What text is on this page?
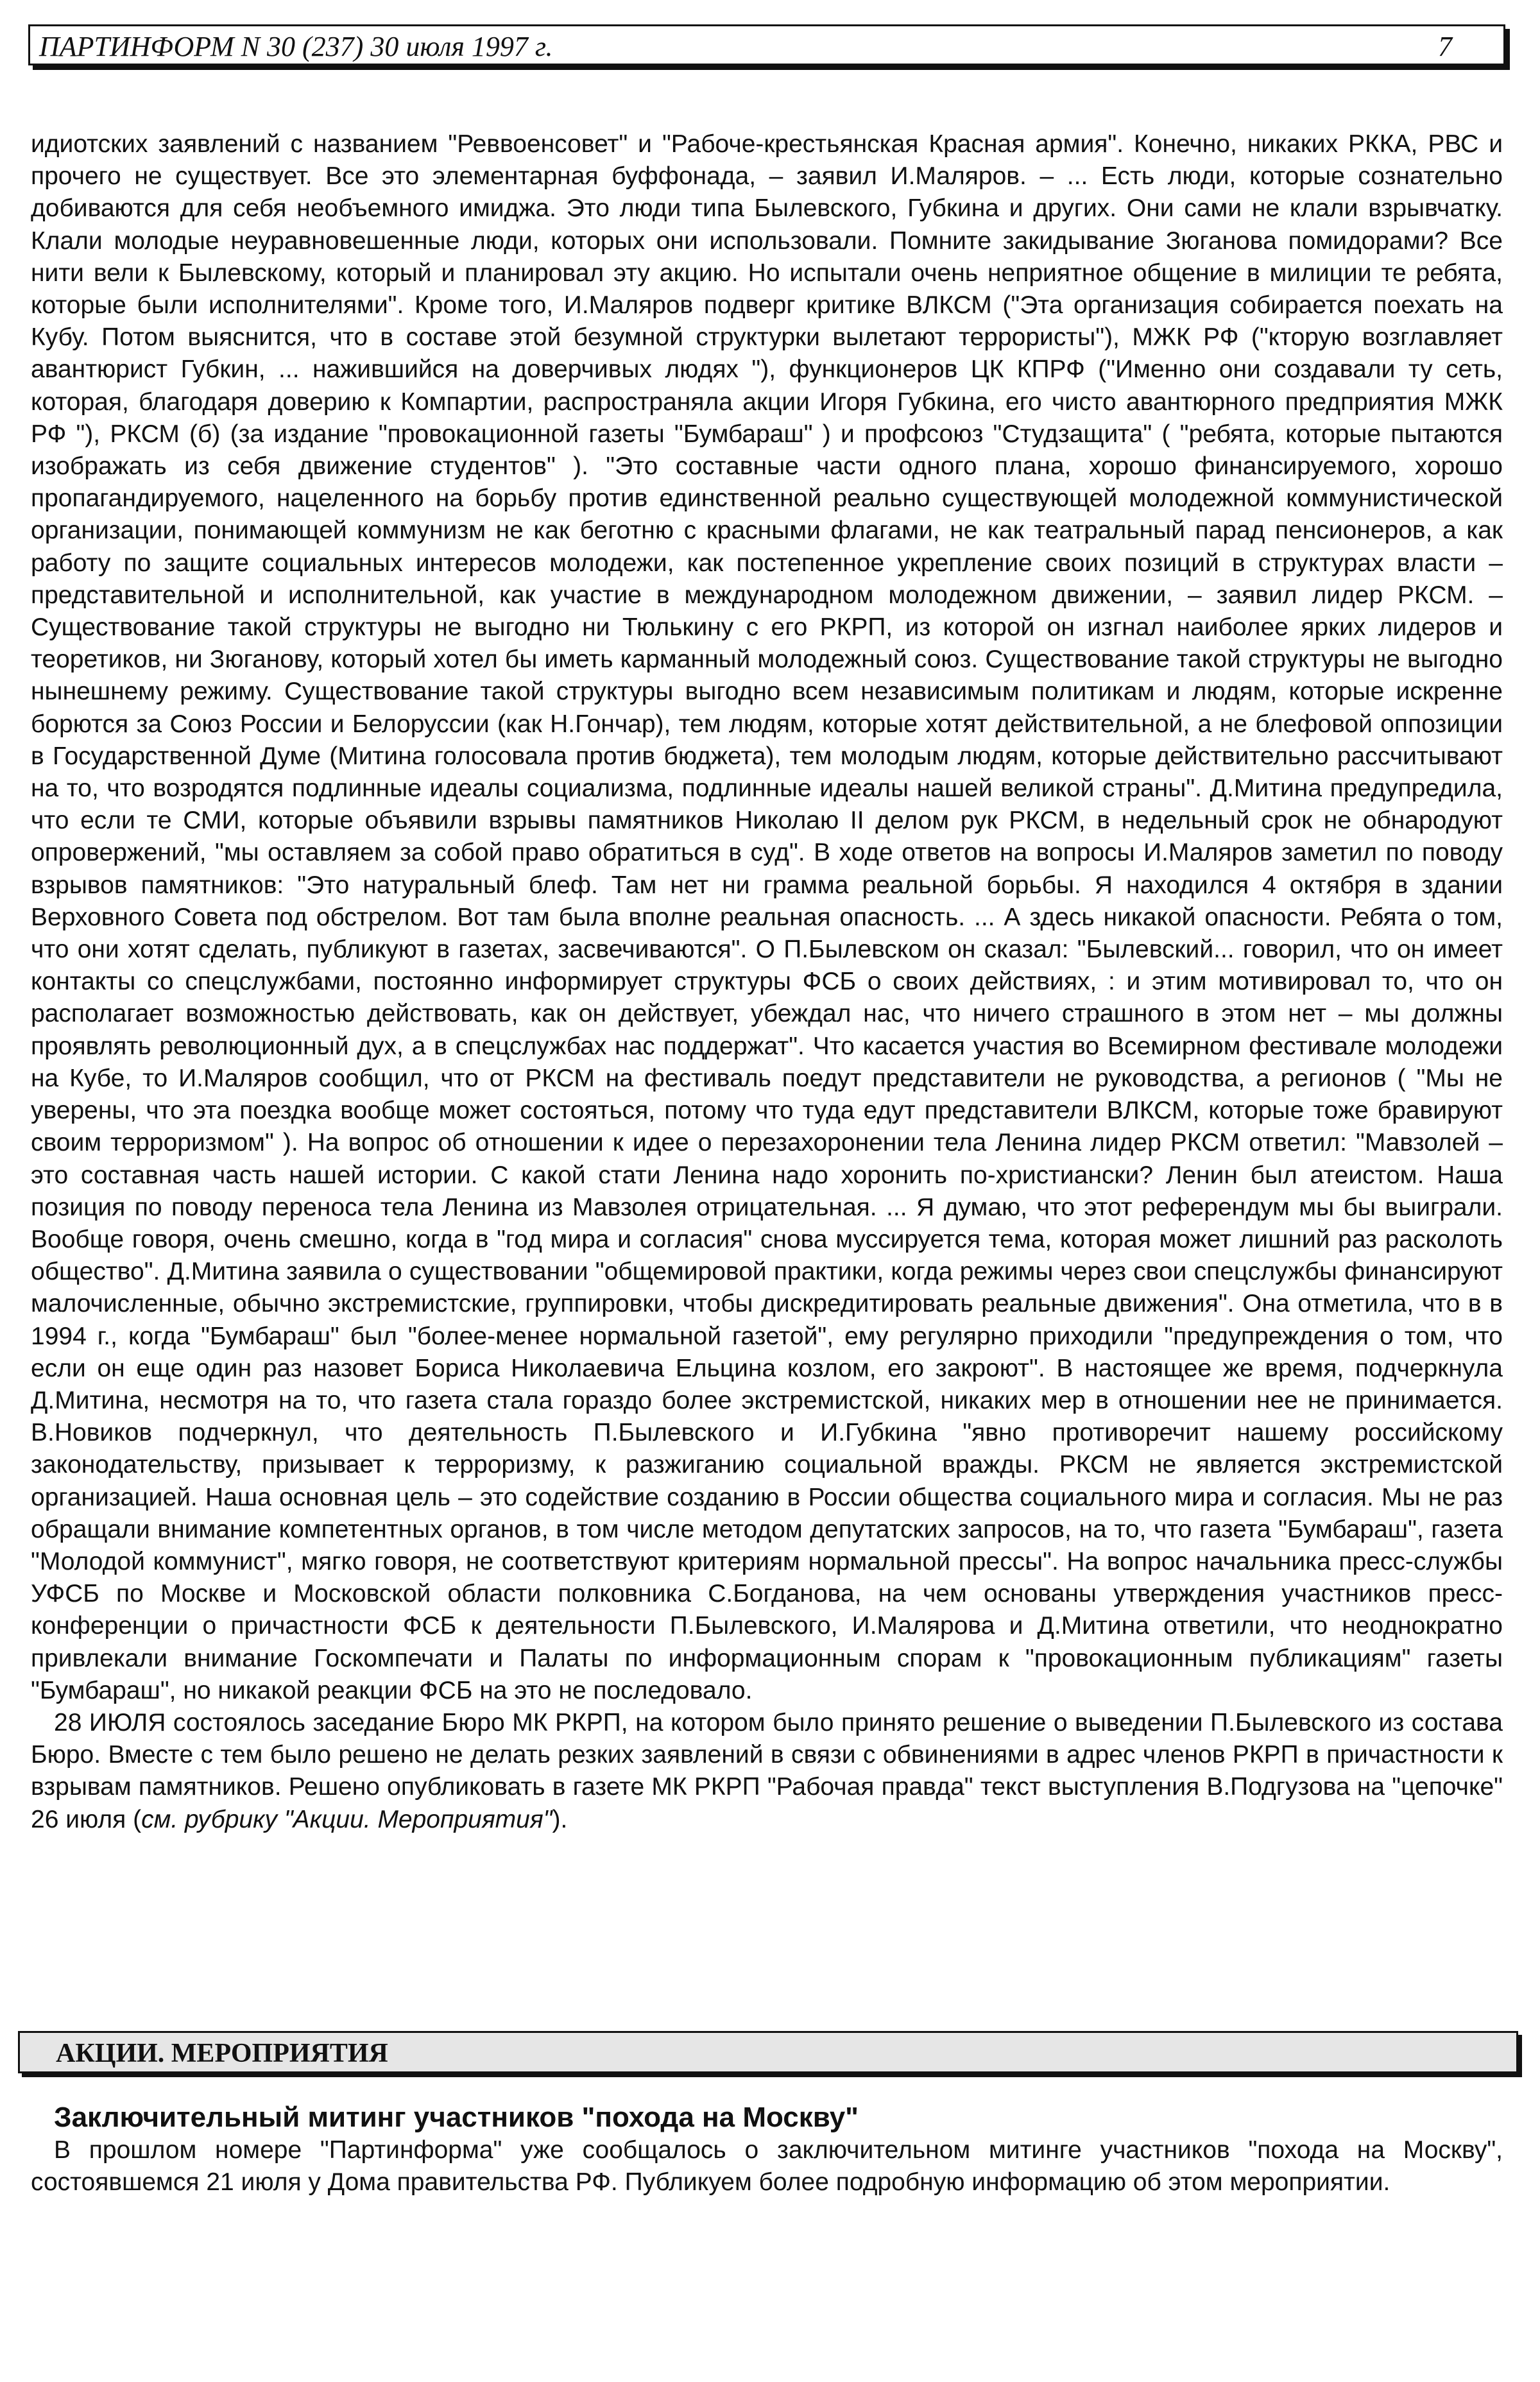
ПАРТИНФОРМ N 30 (237) 30 июля 1997 г.	7

идиотских заявлений с названием "Реввоенсовет" и "Рабоче-крестьянская Красная армия". Конечно, никаких РККА, РВС и прочего не существует. Все это элементарная буффонада, – заявил И.Маляров. – ... Есть люди, которые сознательно добиваются для себя необъемного имиджа. Это люди типа Былевского, Губкина и других. Они сами не клали взрывчатку. Клали молодые неуравновешенные люди, которых они использовали. Помните закидывание Зюганова помидорами? Все нити вели к Былевскому, который и планировал эту акцию. Но испытали очень неприятное общение в милиции те ребята, которые были исполнителями". Кроме того, И.Маляров подверг критике ВЛКСМ ("Эта организация собирается поехать на Кубу. Потом выяснится, что в составе этой безумной структурки вылетают террористы"), МЖК РФ ("кторую возглавляет авантюрист Губкин, ... нажившийся на доверчивых людях "), функционеров ЦК КПРФ ("Именно они создавали ту сеть, которая, благодаря доверию к Компартии, распространяла акции Игоря Губкина, его чисто авантюрного предприятия МЖК РФ "), РКСМ (б) (за издание "провокационной газеты "Бумбараш" ) и профсоюз "Студзащита" ( "ребята, которые пытаются изображать из себя движение студентов" ). "Это составные части одного плана, хорошо финансируемого, хорошо пропагандируемого, нацеленного на борьбу против единственной реально существующей молодежной коммунистической организации, понимающей коммунизм не как беготню с красными флагами, не как театральный парад пенсионеров, а как работу по защите социальных интересов молодежи, как постепенное укрепление своих позиций в структурах власти – представительной и исполнительной, как участие в международном молодежном движении, – заявил лидер РКСМ. – Существование такой структуры не выгодно ни Тюлькину с его РКРП, из которой он изгнал наиболее ярких лидеров и теоретиков, ни Зюганову, который хотел бы иметь карманный молодежный союз. Существование такой структуры не выгодно нынешнему режиму. Существование такой структуры выгодно всем независимым политикам и людям, которые искренне борются за Союз России и Белоруссии (как Н.Гончар), тем людям, которые хотят действительной, а не блефовой оппозиции в Государственной Думе (Митина голосовала против бюджета), тем молодым людям, которые действительно рассчитывают на то, что возродятся подлинные идеалы социализма, подлинные идеалы нашей великой страны". Д.Митина предупредила, что если те СМИ, которые объявили взрывы памятников Николаю II делом рук РКСМ, в недельный срок не обнародуют опровержений, "мы оставляем за собой право обратиться в суд". В ходе ответов на вопросы И.Маляров заметил по поводу взрывов памятников: "Это натуральный блеф. Там нет ни грамма реальной борьбы. Я находился 4 октября в здании Верховного Совета под обстрелом. Вот там была вполне реальная опасность. ... А здесь никакой опасности. Ребята о том, что они хотят сделать, публикуют в газетах, засвечиваются". О П.Былевском он сказал: "Былевский... говорил, что он имеет контакты со спецслужбами, постоянно информирует структуры ФСБ о своих действиях, : и этим мотивировал то, что он располагает возможностью действовать, как он действует, убеждал нас, что ничего страшного в этом нет – мы должны проявлять революционный дух, а в спецслужбах нас поддержат". Что касается участия во Всемирном фестивале молодежи на Кубе, то И.Маляров сообщил, что от РКСМ на фестиваль поедут представители не руководства, а регионов ( "Мы не уверены, что эта поездка вообще может состояться, потому что туда едут представители ВЛКСМ, которые тоже бравируют своим терроризмом" ). На вопрос об отношении к идее о перезахоронении тела Ленина лидер РКСМ ответил: "Мавзолей – это составная часть нашей истории. С какой стати Ленина надо хоронить по-христиански? Ленин был атеистом. Наша позиция по поводу переноса тела Ленина из Мавзолея отрицательная. ... Я думаю, что этот референдум мы бы выиграли. Вообще говоря, очень смешно, когда в "год мира и согласия" снова муссируется тема, которая может лишний раз расколоть общество". Д.Митина заявила о существовании "общемировой практики, когда режимы через свои спецслужбы финансируют малочисленные, обычно экстремистские, группировки, чтобы дискредитировать реальные движения". Она отметила, что в в 1994 г., когда "Бумбараш" был "более-менее нормальной газетой", ему регулярно приходили "предупреждения о том, что если он еще один раз назовет Бориса Николаевича Ельцина козлом, его закроют". В настоящее же время, подчеркнула Д.Митина, несмотря на то, что газета стала гораздо более экстремистской, никаких мер в отношении нее не принимается. В.Новиков подчеркнул, что деятельность П.Былевского и И.Губкина "явно противоречит нашему российскому законодательству, призывает к терроризму, к разжиганию социальной вражды. РКСМ не является экстремистской организацией. Наша основная цель – это содействие созданию в России общества социального мира и согласия. Мы не раз обращали внимание компетентных органов, в том числе методом депутатских запросов, на то, что газета "Бумбараш", газета "Молодой коммунист", мягко говоря, не соответствуют критериям нормальной прессы". На вопрос начальника пресс-службы УФСБ по Москве и Московской области полковника С.Богданова, на чем основаны утверждения участников пресс-конференции о причастности ФСБ к деятельности П.Былевского, И.Малярова и Д.Митина ответили, что неоднократно привлекали внимание Госкомпечати и Палаты по информационным спорам к "провокационным публикациям" газеты "Бумбараш", но никакой реакции ФСБ на это не последовало.

28 ИЮЛЯ состоялось заседание Бюро МК РКРП, на котором было принято решение о выведении П.Былевского из состава Бюро. Вместе с тем было решено не делать резких заявлений в связи с обвинениями в адрес членов РКРП в причастности к взрывам памятников. Решено опубликовать в газете МК РКРП "Рабочая правда" текст выступления В.Подгузова на "цепочке" 26 июля (см. рубрику "Акции. Мероприятия").

АКЦИИ. МЕРОПРИЯТИЯ
Заключительный митинг участников "похода на Москву"
В прошлом номере "Партинформа" уже сообщалось о заключительном митинге участников "похода на Москву", состоявшемся 21 июля у Дома правительства РФ. Публикуем более подробную информацию об этом мероприятии.
